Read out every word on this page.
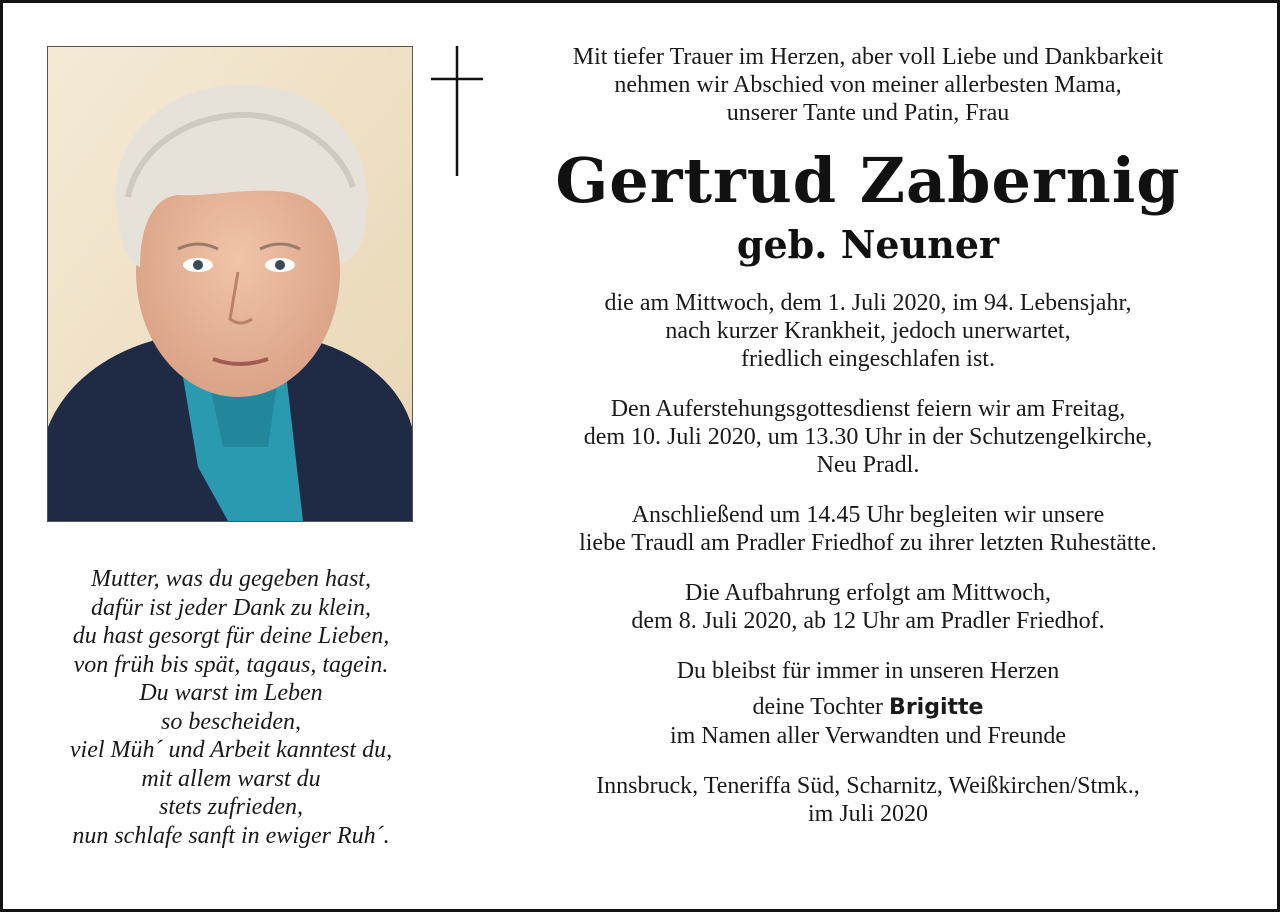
Mit tiefer Trauer im Herzen, aber voll Liebe und Dankbarkeit
nehmen wir Abschied von meiner allerbesten Mama,
unserer Tante und Patin, Frau
Gertrud Zabernig
geb. Neuner
die am Mittwoch, dem 1. Juli 2020, im 94. Lebensjahr,
nach kurzer Krankheit, jedoch unerwartet,
friedlich eingeschlafen ist.
Den Auferstehungsgottesdienst feiern wir am Freitag,
dem 10. Juli 2020, um 13.30 Uhr in der Schutzengelkirche,
Neu Pradl.
Anschließend um 14.45 Uhr begleiten wir unsere
liebe Traudl am Pradler Friedhof zu ihrer letzten Ruhestätte.
Die Aufbahrung erfolgt am Mittwoch,
dem 8. Juli 2020, ab 12 Uhr am Pradler Friedhof.
Du bleibst für immer in unseren Herzen
deine Tochter Brigitte
im Namen aller Verwandten und Freunde
Innsbruck, Teneriffa Süd, Scharnitz, Weißkirchen/Stmk.,
im Juli 2020
Mutter, was du gegeben hast,
dafür ist jeder Dank zu klein,
du hast gesorgt für deine Lieben,
von früh bis spät, tagaus, tagein.
Du warst im Leben
so bescheiden,
viel Müh´ und Arbeit kanntest du,
mit allem warst du
stets zufrieden,
nun schlafe sanft in ewiger Ruh´.
